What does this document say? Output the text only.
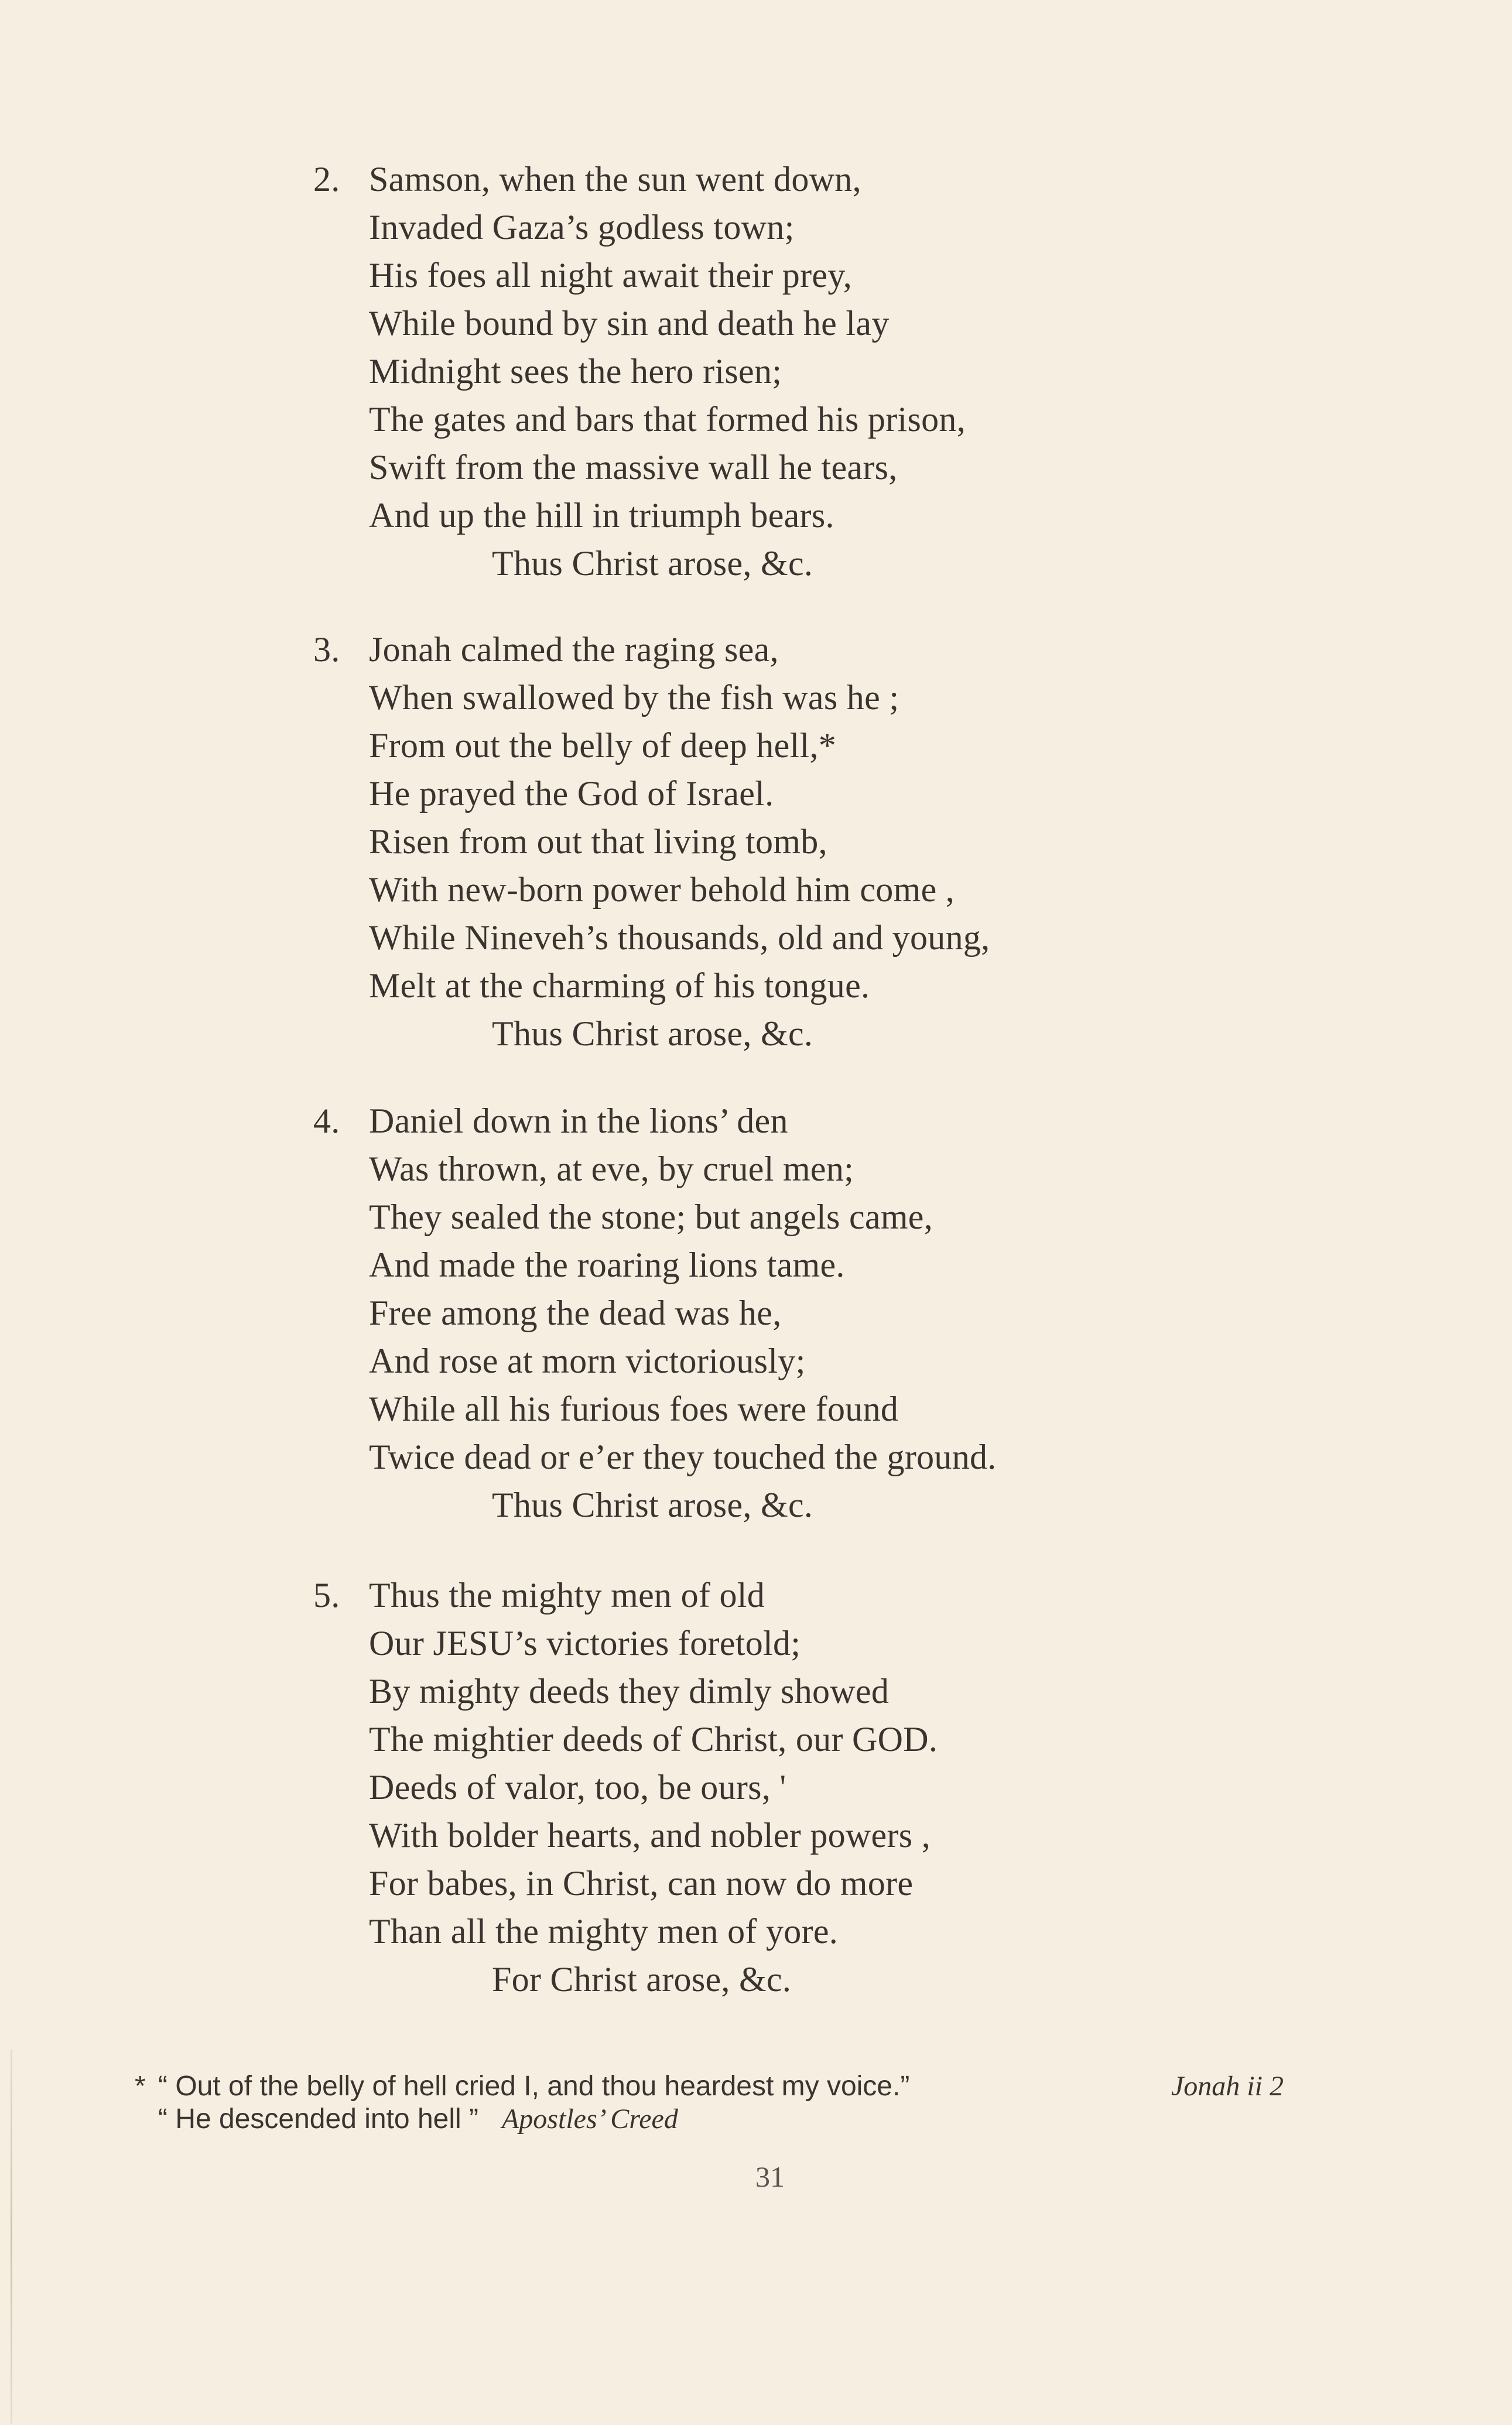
2. Samson, when the sun went down,
Invaded Gaza’s godless town;
His foes all night await their prey,
While bound by sin and death he lay
Midnight sees the hero risen;
The gates and bars that formed his prison,
Swift from the massive wall he tears,
And up the hill in triumph bears.
Thus Christ arose, &c.
3. Jonah calmed the raging sea,
When swallowed by the fish was he ;
From out the belly of deep hell,*
He prayed the God of Israel.
Risen from out that living tomb,
With new-born power behold him come ,
While Nineveh’s thousands, old and young,
Melt at the charming of his tongue.
Thus Christ arose, &c.
4. Daniel down in the lions’ den
Was thrown, at eve, by cruel men;
They sealed the stone; but angels came,
And made the roaring lions tame.
Free among the dead was he,
And rose at morn victoriously;
While all his furious foes were found
Twice dead or e’er they touched the ground.
Thus Christ arose, &c.
5. Thus the mighty men of old
Our JESU’s victories foretold;
By mighty deeds they dimly showed
The mightier deeds of Christ, our GOD.
Deeds of valor, too, be ours, '
With bolder hearts, and nobler powers ,
For babes, in Christ, can now do more
Than all the mighty men of yore.
For Christ arose, &c.
* “ Out of the belly of hell cried I, and thou heardest my voice.”	Jonah ii 2
“ He descended into hell ” Apostles’ Creed
31
